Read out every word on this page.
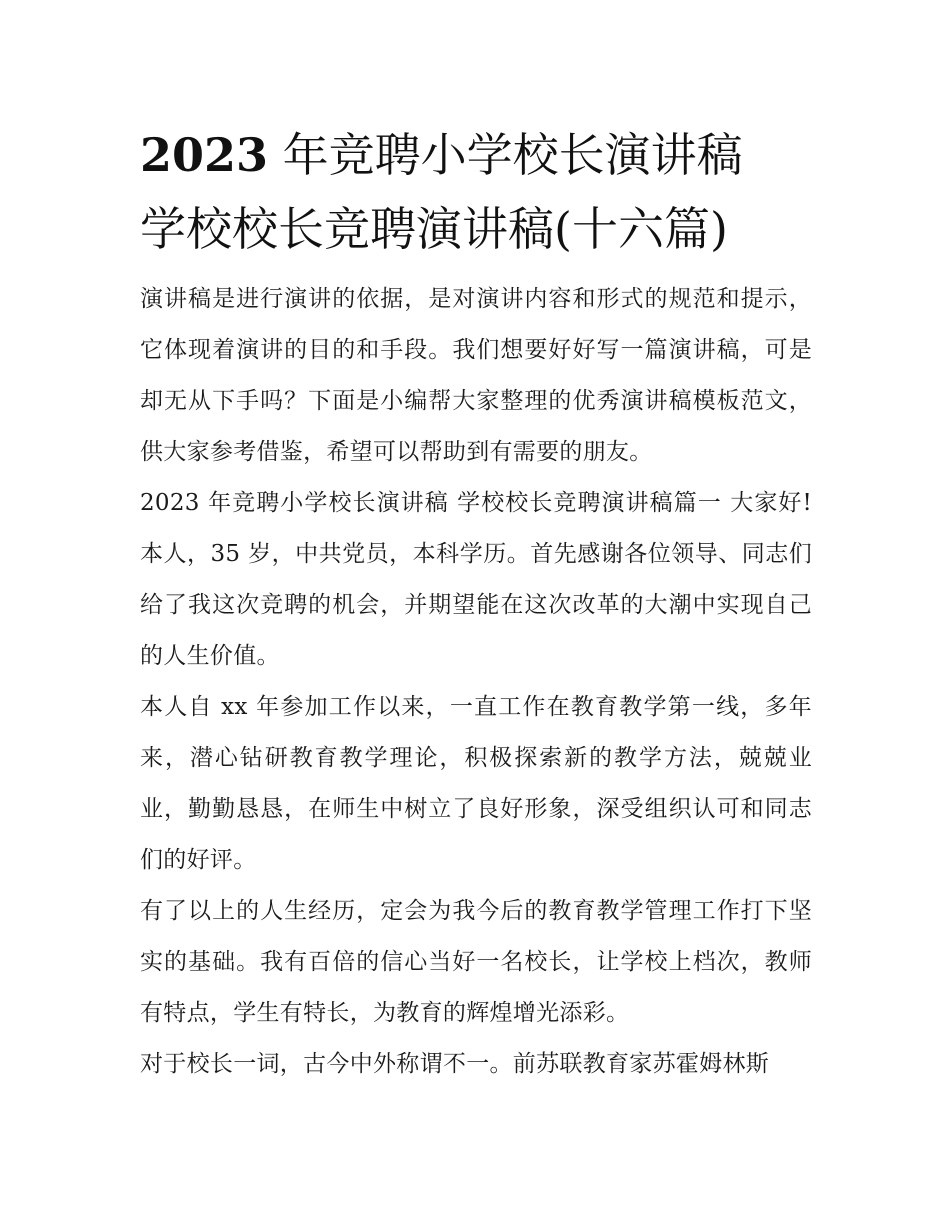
2023 年竞聘小学校长演讲稿
学校校长竞聘演讲稿(十六篇)

演讲稿是进行演讲的依据，是对演讲内容和形式的规范和提示，它体现着演讲的目的和手段。我们想要好好写一篇演讲稿，可是却无从下手吗？下面是小编帮大家整理的优秀演讲稿模板范文，供大家参考借鉴，希望可以帮助到有需要的朋友。

2023 年竞聘小学校长演讲稿 学校校长竞聘演讲稿篇一 大家好!本人，35 岁，中共党员，本科学历。首先感谢各位领导、同志们给了我这次竞聘的机会，并期望能在这次改革的大潮中实现自己的人生价值。

本人自 xx 年参加工作以来，一直工作在教育教学第一线，多年来，潜心钻研教育教学理论，积极探索新的教学方法，兢兢业业，勤勤恳恳，在师生中树立了良好形象，深受组织认可和同志们的好评。

有了以上的人生经历，定会为我今后的教育教学管理工作打下坚实的基础。我有百倍的信心当好一名校长，让学校上档次，教师有特点，学生有特长，为教育的辉煌增光添彩。

对于校长一词，古今中外称谓不一。前苏联教育家苏霍姆林斯
